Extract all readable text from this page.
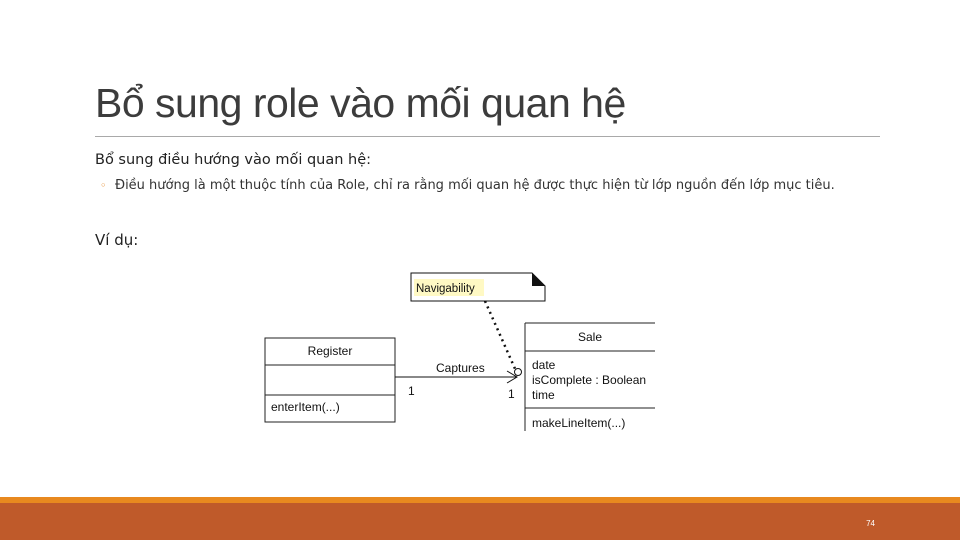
Bổ sung role vào mối quan hệ
Bổ sung điều hướng vào mối quan hệ:
◦ Điều hướng là một thuộc tính của Role, chỉ ra rằng mối quan hệ được thực hiện từ lớp nguồn đến lớp mục tiêu.
Ví dụ:
Navigability
Register
enterItem(...)
Captures
1	1
Sale
date
isComplete : Boolean
time
makeLineItem(...)
74
